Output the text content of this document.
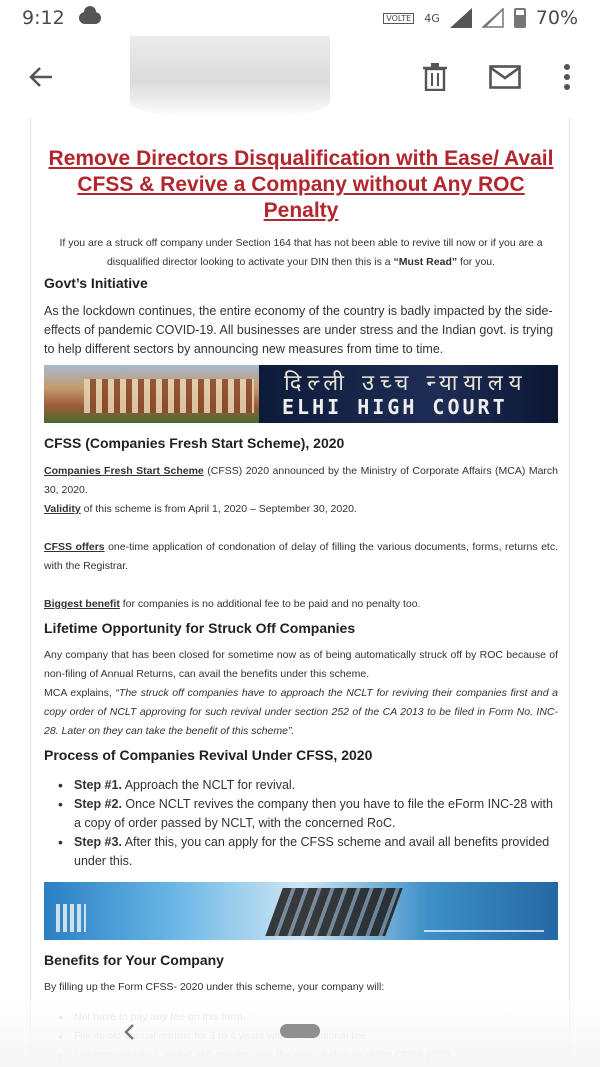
9:12	VOLTE 4G	70%
Remove Directors Disqualification with Ease/ Avail CFSS & Revive a Company without Any ROC Penalty
If you are a struck off company under Section 164 that has not been able to revive till now or if you are a disqualified director looking to activate your DIN then this is a “Must Read” for you.
Govt’s Initiative
As the lockdown continues, the entire economy of the country is badly impacted by the side-effects of pandemic COVID-19. All businesses are under stress and the Indian govt. is trying to help different sectors by announcing new measures from time to time.
दिल्ली उच्च न्यायालय
ELHI HIGH COURT
CFSS (Companies Fresh Start Scheme), 2020
Companies Fresh Start Scheme (CFSS) 2020 announced by the Ministry of Corporate Affairs (MCA) March 30, 2020.
Validity of this scheme is from April 1, 2020 – September 30, 2020.
CFSS offers one-time application of condonation of delay of filling the various documents, forms, returns etc. with the Registrar.
Biggest benefit for companies is no additional fee to be paid and no penalty too.
Lifetime Opportunity for Struck Off Companies
Any company that has been closed for sometime now as of being automatically struck off by ROC because of non-filing of Annual Returns, can avail the benefits under this scheme.
MCA explains, “The struck off companies have to approach the NCLT for reviving their companies first and a copy order of NCLT approving for such revival under section 252 of the CA 2013 to be filed in Form No. INC-28. Later on they can take the benefit of this scheme”.
Process of Companies Revival Under CFSS, 2020
• Step #1. Approach the NCLT for revival.
• Step #2. Once NCLT revives the company then you have to file the eForm INC-28 with a copy of order passed by NCLT, with the concerned RoC.
• Step #3. After this, you can apply for the CFSS scheme and avail all benefits provided under this.
Benefits for Your Company
By filling up the Form CFSS- 2020 under this scheme, your company will:
•
•
•
